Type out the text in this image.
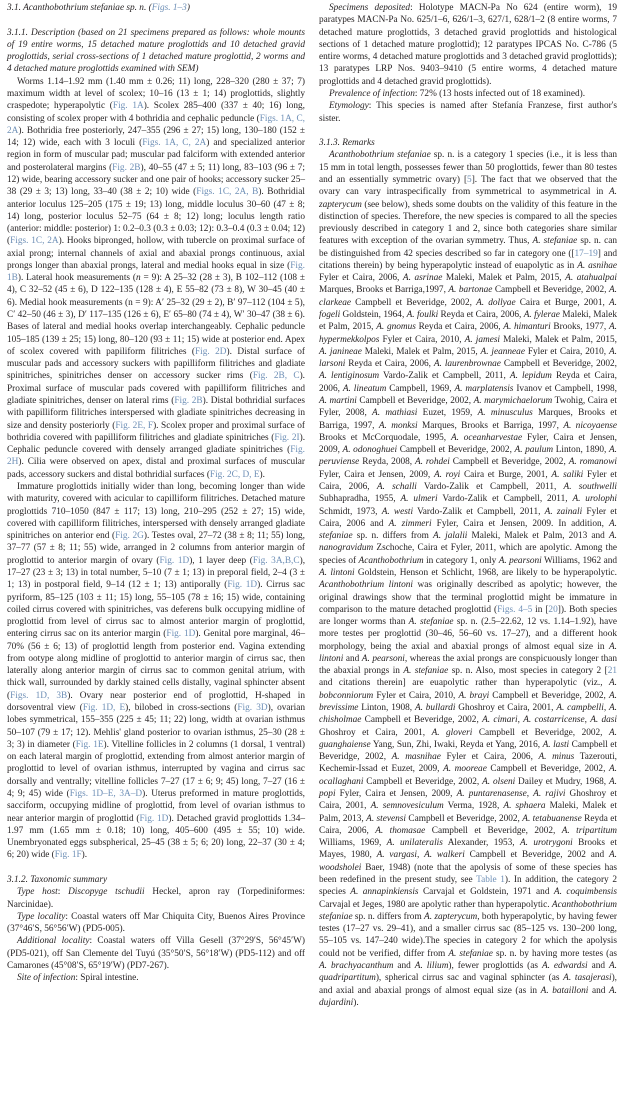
3.1. Acanthobothrium stefaniae sp. n. (Figs. 1–3)

3.1.1. Description (based on 21 specimens prepared as follows: whole mounts of 19 entire worms, 15 detached mature proglottids and 10 detached gravid proglottids, serial cross-sections of 1 detached mature proglottid, 2 worms and 4 detached mature proglottids examined with SEM)

Worms 1.14–1.92 mm (1.40 mm ± 0.26; 11) long, 228–320 (280 ± 37; 7) maximum width at level of scolex; 10–16 (13 ± 1; 14) proglottids, slightly craspedote; hyperapolytic (Fig. 1A). Scolex 285–400 (337 ± 40; 16) long, consisting of scolex proper with 4 bothridia and cephalic peduncle (Figs. 1A, C, 2A). Bothridia free posteriorly, 247–355 (296 ± 27; 15) long, 130–180 (152 ± 14; 12) wide, each with 3 loculi (Figs. 1A, C, 2A) and specialized anterior region in form of muscular pad; muscular pad falciform with extended anterior and posterolateral margins (Fig. 2B), 40–55 (47 ± 5; 11) long, 83–103 (96 ± 7; 12) wide, bearing accessory sucker and one pair of hooks; accessory sucker 25–38 (29 ± 3; 13) long, 33–40 (38 ± 2; 10) wide (Figs. 1C, 2A, B). Bothridial anterior loculus 125–205 (175 ± 19; 13) long, middle loculus 30–60 (47 ± 8; 14) long, posterior loculus 52–75 (64 ± 8; 12) long; loculus length ratio (anterior: middle: posterior) 1: 0.2–0.3 (0.3 ± 0.03; 12): 0.3–0.4 (0.3 ± 0.04; 12) (Figs. 1C, 2A). Hooks bipronged, hollow, with tubercle on proximal surface of axial prong; internal channels of axial and abaxial prongs continuous, axial prongs longer than abaxial prongs, lateral and medial hooks equal in size (Fig. 1B). Lateral hook measurements (n = 9): A 25–32 (28 ± 3), B 102–112 (108 ± 4), C 32–52 (45 ± 6), D 122–135 (128 ± 4), E 55–82 (73 ± 8), W 30–45 (40 ± 6). Medial hook measurements (n = 9): A′ 25–32 (29 ± 2), B′ 97–112 (104 ± 5), C′ 42–50 (46 ± 3), D′ 117–135 (126 ± 6), E′ 65–80 (74 ± 4), W′ 30–47 (38 ± 6). Bases of lateral and medial hooks overlap interchangeably. Cephalic peduncle 105–185 (139 ± 25; 15) long, 80–120 (93 ± 11; 15) wide at posterior end. Apex of scolex covered with papiliform filitriches (Fig. 2D). Distal surface of muscular pads and accessory suckers with papilliform filitriches and gladiate spinitriches, spinitriches denser on accessory sucker rims (Fig. 2B, C). Proximal surface of muscular pads covered with papilliform filitriches and gladiate spinitriches, denser on lateral rims (Fig. 2B). Distal bothridial surfaces with papilliform filitriches interspersed with gladiate spinitriches decreasing in size and density posteriorly (Fig. 2E, F). Scolex proper and proximal surface of bothridia covered with papilliform filitriches and gladiate spinitriches (Fig. 2I). Cephalic peduncle covered with densely arranged gladiate spinitriches (Fig. 2H). Cilia were observed on apex, distal and proximal surfaces of muscular pads, accessory suckers and distal bothridial surfaces (Fig. 2C, D, E).

Immature proglottids initially wider than long, becoming longer than wide with maturity, covered with acicular to capilliform filitriches. Detached mature proglottids 710–1050 (847 ± 117; 13) long, 210–295 (252 ± 27; 15) wide, covered with capilliform filitriches, interspersed with densely arranged gladiate spinitriches on anterior end (Fig. 2G). Testes oval, 27–72 (38 ± 8; 11; 55) long, 37–77 (57 ± 8; 11; 55) wide, arranged in 2 columns from anterior margin of proglottid to anterior margin of ovary (Fig. 1D), 1 layer deep (Fig. 3A,B,C), 17–27 (23 ± 3; 13) in total number, 5–10 (7 ± 1; 13) in preporal field, 2–4 (3 ± 1; 13) in postporal field, 9–14 (12 ± 1; 13) antiporally (Fig. 1D). Cirrus sac pyriform, 85–125 (103 ± 11; 15) long, 55–105 (78 ± 16; 15) wide, containing coiled cirrus covered with spinitriches, vas deferens bulk occupying midline of proglottid from level of cirrus sac to almost anterior margin of proglottid, entering cirrus sac on its anterior margin (Fig. 1D). Genital pore marginal, 46–70% (56 ± 6; 13) of proglottid length from posterior end. Vagina extending from ootype along midline of proglottid to anterior margin of cirrus sac, then laterally along anterior margin of cirrus sac to common genital atrium, with thick wall, surrounded by darkly stained cells distally, vaginal sphincter absent (Figs. 1D, 3B). Ovary near posterior end of proglottid, H-shaped in dorsoventral view (Fig. 1D, E), bilobed in cross-sections (Fig. 3D), ovarian lobes symmetrical, 155–355 (225 ± 45; 11; 22) long, width at ovarian isthmus 50–107 (79 ± 17; 12). Mehlis' gland posterior to ovarian isthmus, 25–30 (28 ± 3; 3) in diameter (Fig. 1E). Vitelline follicles in 2 columns (1 dorsal, 1 ventral) on each lateral margin of proglottid, extending from almost anterior margin of proglottid to level of ovarian isthmus, interrupted by vagina and cirrus sac dorsally and ventrally; vitelline follicles 7–27 (17 ± 6; 9; 45) long, 7–27 (16 ± 4; 9; 45) wide (Figs. 1D–E, 3A–D). Uterus preformed in mature proglottids, sacciform, occupying midline of proglottid, from level of ovarian isthmus to near anterior margin of proglottid (Fig. 1D). Detached gravid proglottids 1.34–1.97 mm (1.65 mm ± 0.18; 10) long, 405–600 (495 ± 55; 10) wide. Unembryonated eggs subspherical, 25–45 (38 ± 5; 6; 20) long, 22–37 (30 ± 4; 6; 20) wide (Fig. 1F).

3.1.2. Taxonomic summary

Type host: Discopyge tschudii Heckel, apron ray (Torpediniformes: Narcinidae).

Type locality: Coastal waters off Mar Chiquita City, Buenos Aires Province (37°46′S, 56°56′W) (PD5-005).

Additional locality: Coastal waters off Villa Gesell (37°29′S, 56°45′W) (PD5-021), off San Clemente del Tuyú (35°50′S, 56°18′W) (PD5-112) and off Camarones (45°08′S, 65°19′W) (PD7-267).

Site of infection: Spiral intestine.

Specimens deposited: Holotype MACN-Pa No 624 (entire worm), 19 paratypes MACN-Pa No. 625/1–6, 626/1–3, 627/1, 628/1–2 (8 entire worms, 7 detached mature proglottids, 3 detached gravid proglottids and histological sections of 1 detached mature proglottid); 12 paratypes IPCAS No. C-786 (5 entire worms, 4 detached mature proglottids and 3 detached gravid proglottids); 13 paratypes LRP Nos. 9403–9410 (5 entire worms, 4 detached mature proglottids and 4 detached gravid proglottids).

Prevalence of infection: 72% (13 hosts infected out of 18 examined).

Etymology: This species is named after Stefanía Franzese, first author's sister.

3.1.3. Remarks

Acanthobothrium stefaniae sp. n. is a category 1 species (i.e., it is less than 15 mm in total length, possesses fewer than 50 proglottids, fewer than 80 testes and an essentially symmetric ovary) [5]. The fact that we observed that the ovary can vary intraspecifically from symmetrical to asymmetrical in A. zapterycum (see below), sheds some doubts on the validity of this feature in the distinction of species. Therefore, the new species is compared to all the species previously described in category 1 and 2, since both categories share similar features with exception of the ovarian symmetry. Thus, A. stefaniae sp. n. can be distinguished from 42 species described so far in category one ([17–19] and citations therein) by being hyperapolytic instead of euapolytic as in A. asnihae Fyler et Caira, 2006, A. asrinae Maleki, Malek et Palm, 2015, A. atahualpai Marques, Brooks et Barriga,1997, A. bartonae Campbell et Beveridge, 2002, A. clarkeae Campbell et Beveridge, 2002, A. dollyae Caira et Burge, 2001, A. fogeli Goldstein, 1964, A. foulki Reyda et Caira, 2006, A. fylerae Maleki, Malek et Palm, 2015, A. gnomus Reyda et Caira, 2006, A. himanturi Brooks, 1977, A. hypermekkolpos Fyler et Caira, 2010, A. jamesi Maleki, Malek et Palm, 2015, A. janineae Maleki, Malek et Palm, 2015, A. jeanneae Fyler et Caira, 2010, A. larsoni Reyda et Caira, 2006, A. laurenbrownae Campbell et Beveridge, 2002, A. lentiginosum Vardo-Zalik et Campbell, 2011, A. lepidum Reyda et Caira, 2006, A. lineatum Campbell, 1969, A. marplatensis Ivanov et Campbell, 1998, A. martini Campbell et Beveridge, 2002, A. marymichaelorum Twohig, Caira et Fyler, 2008, A. mathiasi Euzet, 1959, A. minusculus Marques, Brooks et Barriga, 1997, A. monksi Marques, Brooks et Barriga, 1997, A. nicoyaense Brooks et McCorquodale, 1995, A. oceanharvestae Fyler, Caira et Jensen, 2009, A. odonoghuei Campbell et Beveridge, 2002, A. paulum Linton, 1890, A. peruviense Reyda, 2008, A. rohdei Campbell et Beveridge, 2002, A. romanowi Fyler, Caira et Jensen, 2009, A. royi Caira et Burge, 2001, A. saliki Fyler et Caira, 2006, A. schalli Vardo-Zalik et Campbell, 2011, A. southwelli Subhapradha, 1955, A. ulmeri Vardo-Zalik et Campbell, 2011, A. urolophi Schmidt, 1973, A. westi Vardo-Zalik et Campbell, 2011, A. zainali Fyler et Caira, 2006 and A. zimmeri Fyler, Caira et Jensen, 2009. In addition, A. stefaniae sp. n. differs from A. jalalii Maleki, Malek et Palm, 2013 and A. nanogravidum Zschoche, Caira et Fyler, 2011, which are apolytic. Among the species of Acanthobothrium in category 1, only A. pearsoni Williams, 1962 and A. lintoni Goldstein, Henson et Schlicht, 1968, are likely to be hyperapolytic. Acanthobothrium lintoni was originally described as apolytic; however, the original drawings show that the terminal proglottid might be immature in comparison to the mature detached proglottid (Figs. 4–5 in [20]). Both species are longer worms than A. stefaniae sp. n. (2.5–22.62, 12 vs. 1.14–1.92), have more testes per proglottid (30–46, 56–60 vs. 17–27), and a different hook morphology, being the axial and abaxial prongs of almost equal size in A. lintoni and A. pearsoni, whereas the axial prongs are conspicuously longer than the abaxial prongs in A. stefaniae sp. n. Also, most species in category 2 [21 and citations therein] are euapolytic rather than hyperapolytic (viz., A. bobconniorum Fyler et Caira, 2010, A. brayi Campbell et Beveridge, 2002, A. brevissime Linton, 1908, A. bullardi Ghoshroy et Caira, 2001, A. campbelli, A. chisholmae Campbell et Beveridge, 2002, A. cimari, A. costarricense, A. dasi Ghoshroy et Caira, 2001, A. gloveri Campbell et Beveridge, 2002, A. guanghaiense Yang, Sun, Zhi, Iwaki, Reyda et Yang, 2016, A. lasti Campbell et Beveridge, 2002, A. masnihae Fyler et Caira, 2006, A. minus Tazerouti, Kechemir-Issad et Euzet, 2009, A. mooreae Campbell et Beveridge, 2002, A. ocallaghani Campbell et Beveridge, 2002, A. olseni Dailey et Mudry, 1968, A. popi Fyler, Caira et Jensen, 2009, A. puntarenasense, A. rajivi Ghoshroy et Caira, 2001, A. semnovesiculum Verma, 1928, A. sphaera Maleki, Malek et Palm, 2013, A. stevensi Campbell et Beveridge, 2002, A. tetabuanense Reyda et Caira, 2006, A. thomasae Campbell et Beveridge, 2002, A. tripartitum Williams, 1969, A. unilateralis Alexander, 1953, A. urotrygoni Brooks et Mayes, 1980, A. vargasi, A. walkeri Campbell et Beveridge, 2002 and A. woodsholei Baer, 1948) (note that the apolysis of some of these species has been redefined in the present study, see Table 1). In addition, the category 2 species A. annapinkiensis Carvajal et Goldstein, 1971 and A. coquimbensis Carvajal et Jeges, 1980 are apolytic rather than hyperapolytic. Acanthobothrium stefaniae sp. n. differs from A. zapterycum, both hyperapolytic, by having fewer testes (17–27 vs. 29–41), and a smaller cirrus sac (85–125 vs. 130–200 long, 55–105 vs. 147–240 wide).The species in category 2 for which the apolysis could not be verified, differ from A. stefaniae sp. n. by having more testes (as A. brachyacanthum and A. lilium), fewer proglottids (as A. edwardsi and A. quadripartitum), spherical cirrus sac and vaginal sphincter (as A. tasajerasi), and axial and abaxial prongs of almost equal size (as in A. batailloni and A. dujardini).
